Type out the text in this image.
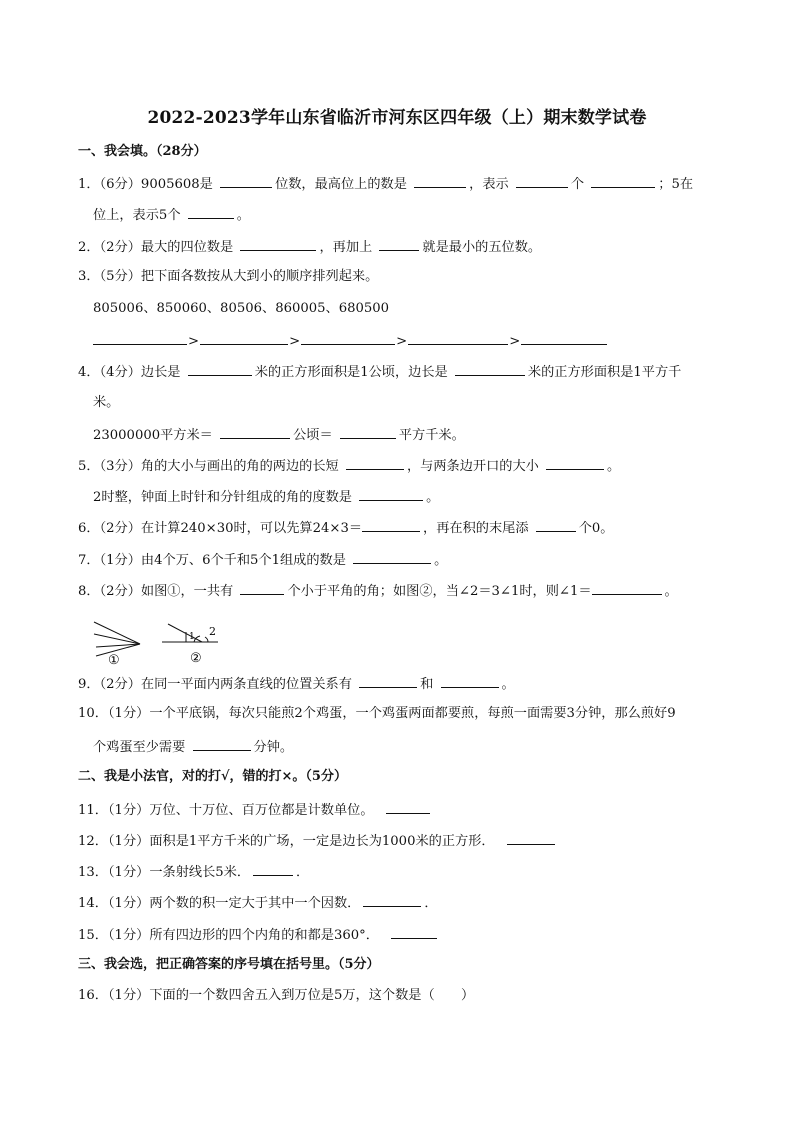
2022-2023学年山东省临沂市河东区四年级（上）期末数学试卷
一、我会填。（28分）
1．（6分）9005608是	位数，最高位上的数是	，表示	个	；5在
位上，表示5个	。
2．（2分）最大的四位数是	，再加上	就是最小的五位数。
3．（5分）把下面各数按从大到小的顺序排列起来。
805006、850060、80506、860005、680500
>	>	>	>
4．（4分）边长是	米的正方形面积是1公顷，边长是	米的正方形面积是1平方千
米。
23000000平方米＝	公顷＝	平方千米。
5．（3分）角的大小与画出的角的两边的长短	，与两条边开口的大小	。
2时整，钟面上时针和分针组成的角的度数是	。
6．（2分）在计算240×30时，可以先算24×3＝	，再在积的末尾添	个0。
7．（1分）由4个万、6个千和5个1组成的数是	。
8．（2分）如图①，一共有	个小于平角的角；如图②，当∠2＝3∠1时，则∠1＝	。
①
1 2
②
9．（2分）在同一平面内两条直线的位置关系有	和	。
10．（1分）一个平底锅，每次只能煎2个鸡蛋，一个鸡蛋两面都要煎，每煎一面需要3分钟，那么煎好9
个鸡蛋至少需要	分钟。
二、我是小法官，对的打√，错的打×。（5分）
11．（1分）万位、十万位、百万位都是计数单位。
12．（1分）面积是1平方千米的广场，一定是边长为1000米的正方形．
13．（1分）一条射线长5米．	．
14．（1分）两个数的积一定大于其中一个因数．	．
15．（1分）所有四边形的四个内角的和都是360°．
三、我会选，把正确答案的序号填在括号里。（5分）
16．（1分）下面的一个数四舍五入到万位是5万，这个数是（　　）
